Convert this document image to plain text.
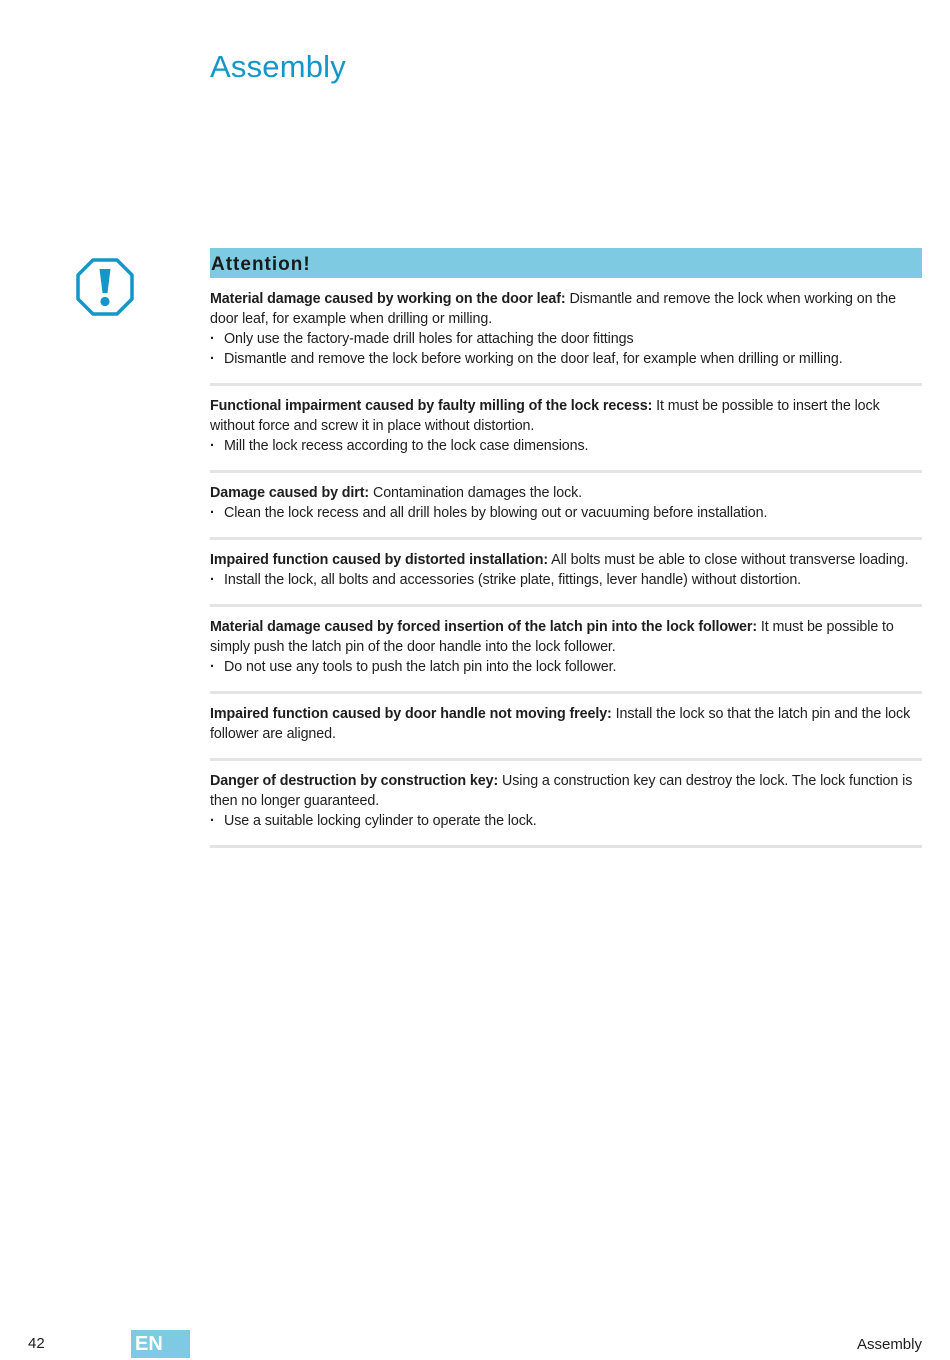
Assembly
Attention!
Material damage caused by working on the door leaf: Dismantle and remove the lock when working on the door leaf, for example when drilling or milling.
· Only use the factory-made drill holes for attaching the door fittings
· Dismantle and remove the lock before working on the door leaf, for example when drilling or milling.
Functional impairment caused by faulty milling of the lock recess: It must be possible to insert the lock without force and screw it in place without distortion.
· Mill the lock recess according to the lock case dimensions.
Damage caused by dirt: Contamination damages the lock.
· Clean the lock recess and all drill holes by blowing out or vacuuming before installation.
Impaired function caused by distorted installation: All bolts must be able to close without transverse loading.
· Install the lock, all bolts and accessories (strike plate, fittings, lever handle) without distortion.
Material damage caused by forced insertion of the latch pin into the lock follower: It must be possible to simply push the latch pin of the door handle into the lock follower.
· Do not use any tools to push the latch pin into the lock follower.
Impaired function caused by door handle not moving freely: Install the lock so that the latch pin and the lock follower are aligned.
Danger of destruction by construction key: Using a construction key can destroy the lock. The lock function is then no longer guaranteed.
· Use a suitable locking cylinder to operate the lock.
42	EN	Assembly
